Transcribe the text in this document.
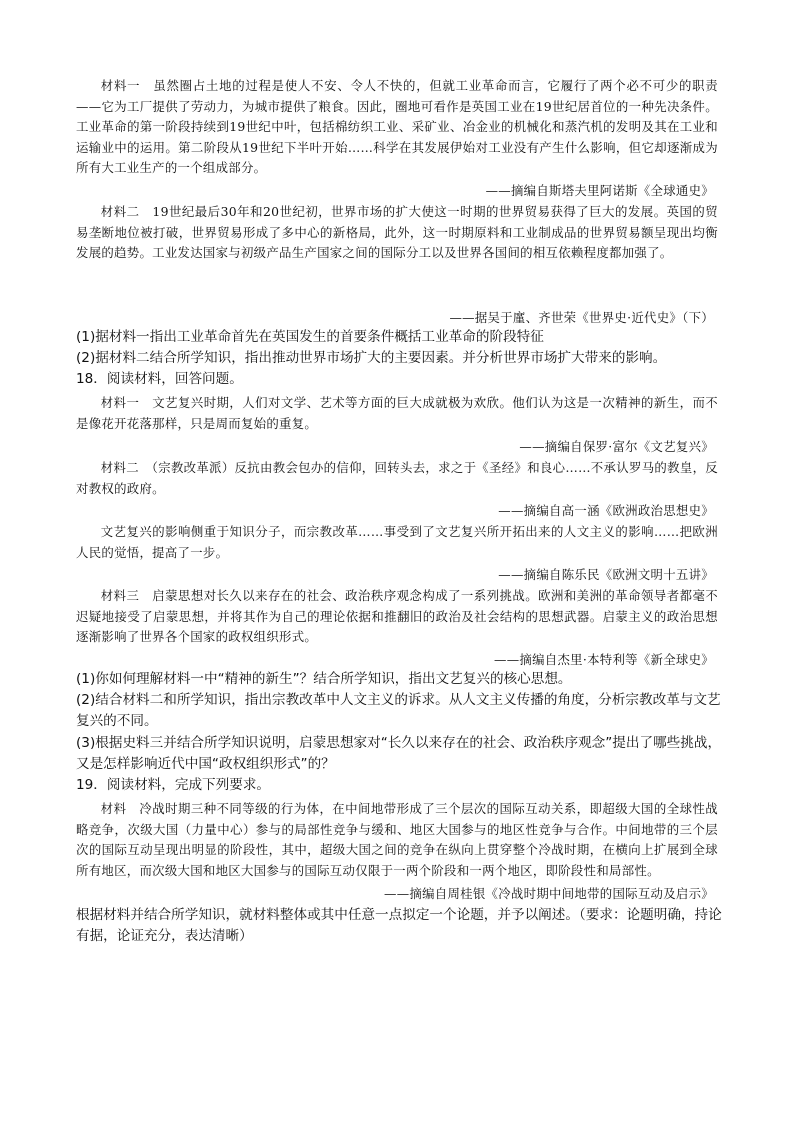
材料一　虽然圈占土地的过程是使人不安、令人不快的，但就工业革命而言，它履行了两个必不可少的职责——它为工厂提供了劳动力，为城市提供了粮食。因此，圈地可看作是英国工业在19世纪居首位的一种先决条件。工业革命的第一阶段持续到19世纪中叶，包括棉纺织工业、采矿业、冶金业的机械化和蒸汽机的发明及其在工业和运输业中的运用。第二阶段从19世纪下半叶开始……科学在其发展伊始对工业没有产生什么影响，但它却逐渐成为所有大工业生产的一个组成部分。

——摘编自斯塔夫里阿诺斯《全球通史》

材料二　19世纪最后30年和20世纪初，世界市场的扩大使这一时期的世界贸易获得了巨大的发展。英国的贸易垄断地位被打破，世界贸易形成了多中心的新格局，此外，这一时期原料和工业制成品的世界贸易额呈现出均衡发展的趋势。工业发达国家与初级产品生产国家之间的国际分工以及世界各国间的相互依赖程度都加强了。

——据吴于廑、齐世荣《世界史·近代史》（下）

(1)据材料一指出工业革命首先在英国发生的首要条件概括工业革命的阶段特征

(2)据材料二结合所学知识，指出推动世界市场扩大的主要因素。并分析世界市场扩大带来的影响。

18．阅读材料，回答问题。

材料一　文艺复兴时期，人们对文学、艺术等方面的巨大成就极为欢欣。他们认为这是一次精神的新生，而不是像花开花落那样，只是周而复始的重复。

——摘编自保罗·富尔《文艺复兴》

材料二　（宗教改革派）反抗由教会包办的信仰，回转头去，求之于《圣经》和良心……不承认罗马的教皇，反对教权的政府。

——摘编自高一涵《欧洲政治思想史》

文艺复兴的影响侧重于知识分子，而宗教改革……事受到了文艺复兴所开拓出来的人文主义的影响……把欧洲人民的觉悟，提高了一步。

——摘编自陈乐民《欧洲文明十五讲》

材料三　启蒙思想对长久以来存在的社会、政治秩序观念构成了一系列挑战。欧洲和美洲的革命领导者都毫不迟疑地接受了启蒙思想，并将其作为自己的理论依据和推翻旧的政治及社会结构的思想武器。启蒙主义的政治思想逐渐影响了世界各个国家的政权组织形式。

——摘编自杰里·本特利等《新全球史》

(1)你如何理解材料一中“精神的新生”？结合所学知识，指出文艺复兴的核心思想。

(2)结合材料二和所学知识，指出宗教改革中人文主义的诉求。从人文主义传播的角度，分析宗教改革与文艺复兴的不同。

(3)根据史料三并结合所学知识说明，启蒙思想家对“长久以来存在的社会、政治秩序观念”提出了哪些挑战，又是怎样影响近代中国“政权组织形式”的？

19．阅读材料，完成下列要求。

材料　冷战时期三种不同等级的行为体，在中间地带形成了三个层次的国际互动关系，即超级大国的全球性战略竞争，次级大国（力量中心）参与的局部性竞争与缓和、地区大国参与的地区性竞争与合作。中间地带的三个层次的国际互动呈现出明显的阶段性，其中，超级大国之间的竞争在纵向上贯穿整个冷战时期，在横向上扩展到全球所有地区，而次级大国和地区大国参与的国际互动仅限于一两个阶段和一两个地区，即阶段性和局部性。

——摘编自周桂银《冷战时期中间地带的国际互动及启示》

根据材料并结合所学知识，就材料整体或其中任意一点拟定一个论题，并予以阐述。（要求：论题明确，持论有据，论证充分，表达清晰）
